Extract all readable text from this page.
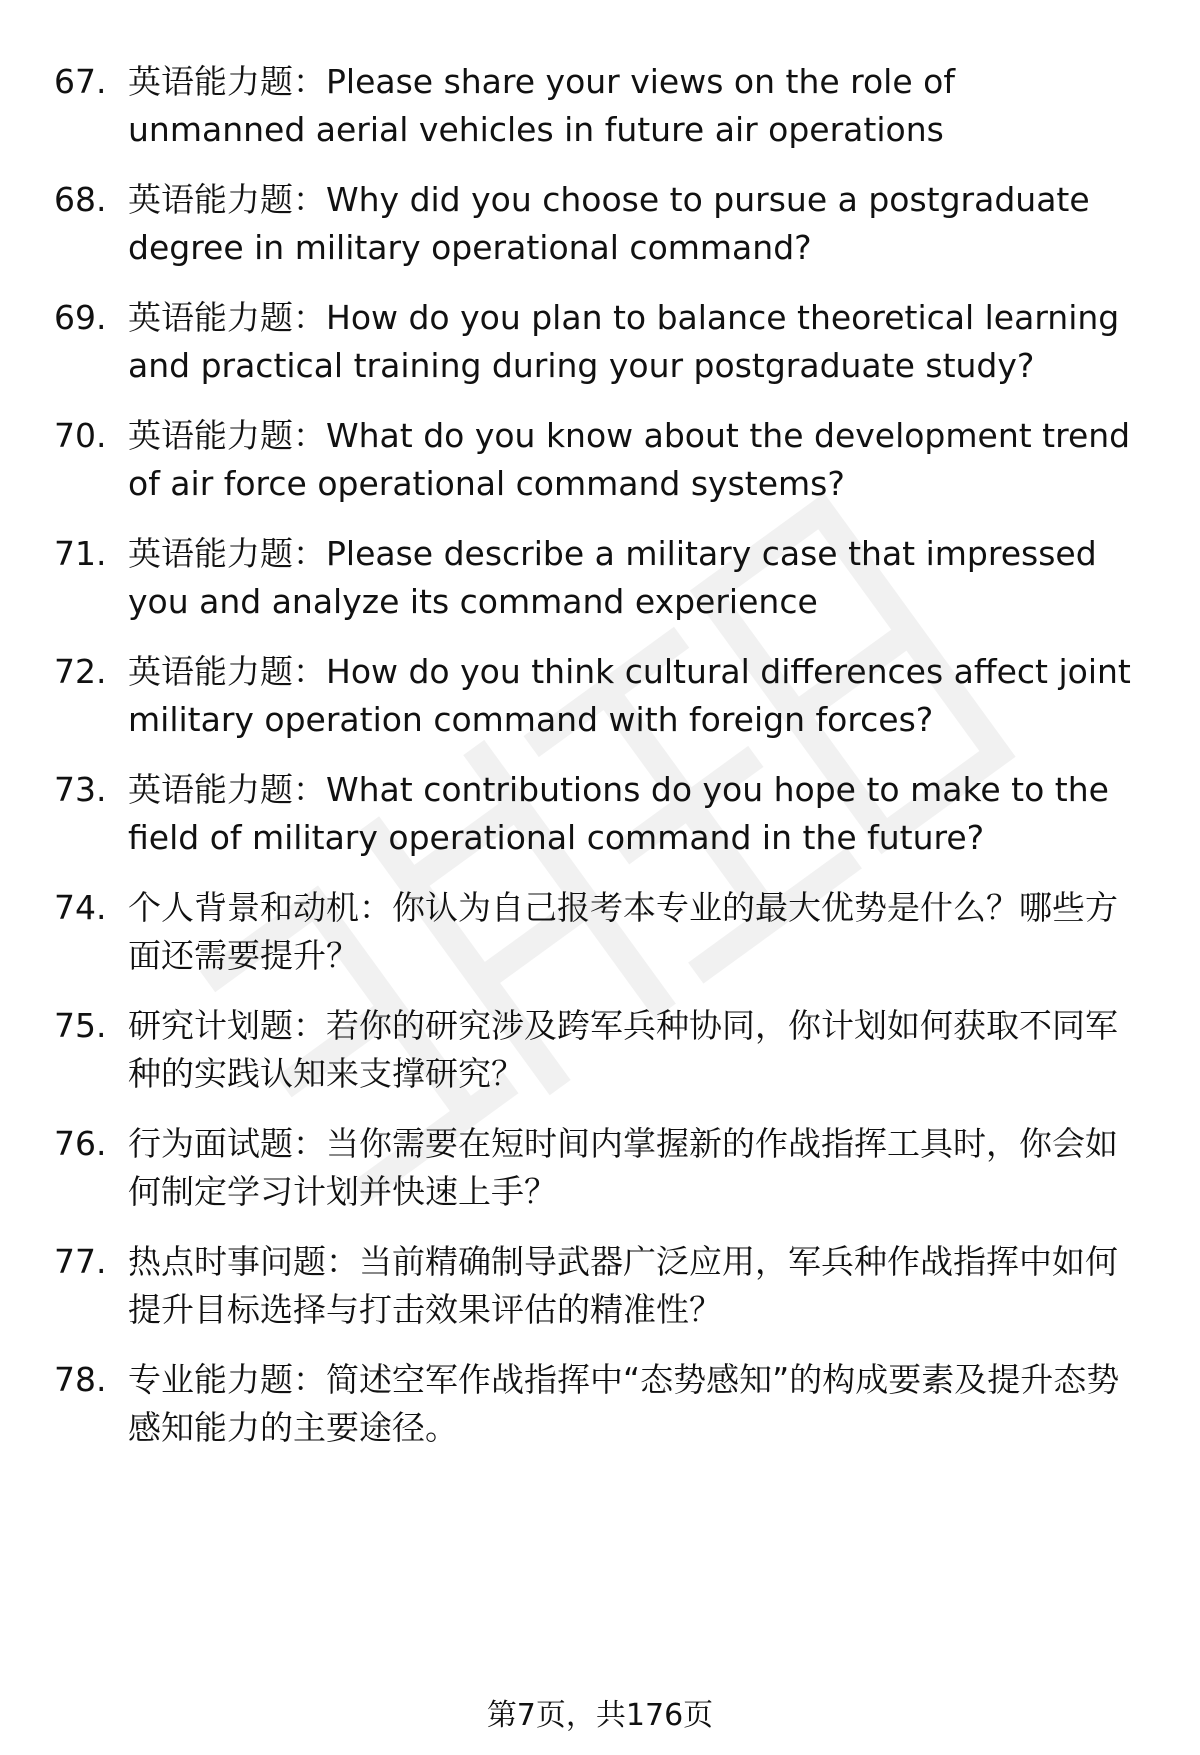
67. 英语能力题：Please share your views on the role of unmanned aerial vehicles in future air operations
68. 英语能力题：Why did you choose to pursue a postgraduate degree in military operational command?
69. 英语能力题：How do you plan to balance theoretical learning and practical training during your postgraduate study?
70. 英语能力题：What do you know about the development trend of air force operational command systems?
71. 英语能力题：Please describe a military case that impressed you and analyze its command experience
72. 英语能力题：How do you think cultural differences affect joint military operation command with foreign forces?
73. 英语能力题：What contributions do you hope to make to the field of military operational command in the future?
74. 个人背景和动机：你认为自己报考本专业的最大优势是什么？哪些方面还需要提升？
75. 研究计划题：若你的研究涉及跨军兵种协同，你计划如何获取不同军种的实践认知来支撑研究？
76. 行为面试题：当你需要在短时间内掌握新的作战指挥工具时，你会如何制定学习计划并快速上手？
77. 热点时事问题：当前精确制导武器广泛应用，军兵种作战指挥中如何提升目标选择与打击效果评估的精准性？
78. 专业能力题：简述空军作战指挥中“态势感知”的构成要素及提升态势感知能力的主要途径。
第7页，共176页
